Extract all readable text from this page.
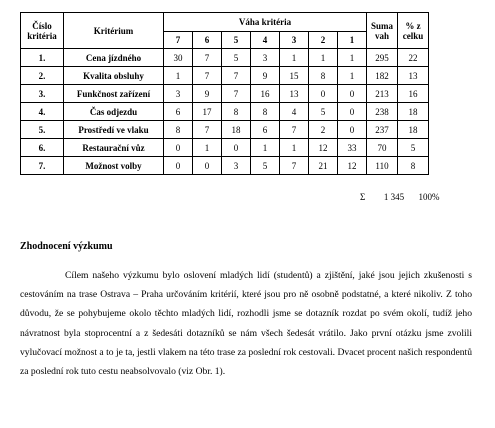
Číslo kritéria	Kritérium	Váha kritéria							Suma vah	% z celku
		7	6	5	4	3	2	1		
1.	Cena jízdného	30	7	5	3	1	1	1	295	22
2.	Kvalita obsluhy	1	7	7	9	15	8	1	182	13
3.	Funkčnost zařízení	3	9	7	16	13	0	0	213	16
4.	Čas odjezdu	6	17	8	8	4	5	0	238	18
5.	Prostředí ve vlaku	8	7	18	6	7	2	0	237	18
6.	Restaurační vůz	0	1	0	1	1	12	33	70	5
7.	Možnost volby	0	0	3	5	7	21	12	110	8
Σ	1 345	100%
Zhodnocení výzkumu
Cílem našeho výzkumu bylo oslovení mladých lidí (studentů) a zjištění, jaké jsou jejich zkušenosti s cestováním na trase Ostrava – Praha určováním kritérií, které jsou pro ně osobně podstatné, a které nikoliv. Z toho důvodu, že se pohybujeme okolo těchto mladých lidí, rozhodli jsme se dotazník rozdat po svém okolí, tudíž jeho návratnost byla stoprocentní a z šedesáti dotazníků se nám všech šedesát vrátilo. Jako první otázku jsme zvolili vylučovací možnost a to je ta, jestli vlakem na této trase za poslední rok cestovali. Dvacet procent našich respondentů za poslední rok tuto cestu neabsolvovalo (viz Obr. 1).
